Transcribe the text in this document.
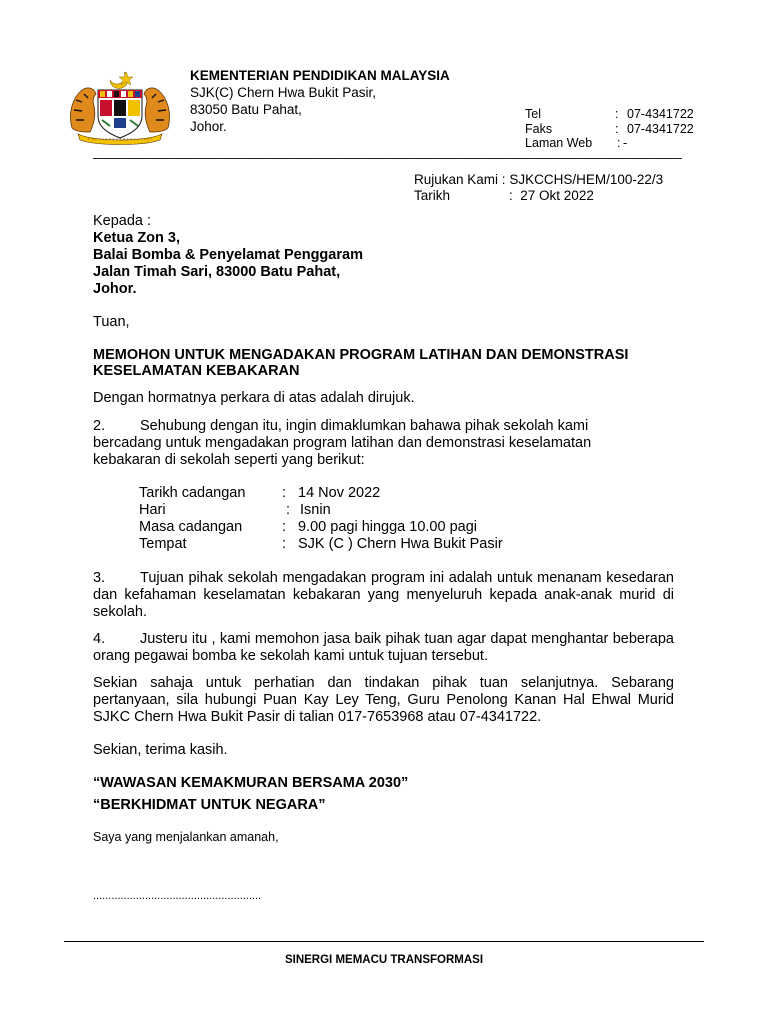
KEMENTERIAN PENDIDIKAN MALAYSIA
SJK(C) Chern Hwa Bukit Pasir,
83050 Batu Pahat,
Johor.
Tel	: 07-4341722
Faks	: 07-4341722
Laman Web : -
—————————————————————————————————————————————————
Rujukan Kami : SJKCCHS/HEM/100-22/3
Tarikh	: 27 Okt 2022
Kepada :
Ketua Zon 3,
Balai Bomba & Penyelamat Penggaram
Jalan Timah Sari, 83000 Batu Pahat,
Johor.
Tuan,
MEMOHON UNTUK MENGADAKAN PROGRAM LATIHAN DAN DEMONSTRASI
KESELAMATAN KEBAKARAN
Dengan hormatnya perkara di atas adalah dirujuk.
2. Sehubung dengan itu, ingin dimaklumkan bahawa pihak sekolah kami
bercadang untuk mengadakan program latihan dan demonstrasi keselamatan
kebakaran di sekolah seperti yang berikut:
Tarikh cadangan	: 14 Nov 2022
Hari	: Isnin
Masa cadangan	: 9.00 pagi hingga 10.00 pagi
Tempat	: SJK (C ) Chern Hwa Bukit Pasir
3. Tujuan pihak sekolah mengadakan program ini adalah untuk menanam kesedaran dan kefahaman keselamatan kebakaran yang menyeluruh kepada anak-anak murid di sekolah.
4. Justeru itu , kami memohon jasa baik pihak tuan agar dapat menghantar beberapa orang pegawai bomba ke sekolah kami untuk tujuan tersebut.
Sekian sahaja untuk perhatian dan tindakan pihak tuan selanjutnya. Sebarang pertanyaan, sila hubungi Puan Kay Ley Teng, Guru Penolong Kanan Hal Ehwal Murid SJKC Chern Hwa Bukit Pasir di talian 017-7653968 atau 07-4341722.
Sekian, terima kasih.
“WAWASAN KEMAKMURAN BERSAMA 2030”
“BERKHIDMAT UNTUK NEGARA”
Saya yang menjalankan amanah,
.......................................................
SINERGI MEMACU TRANSFORMASI
